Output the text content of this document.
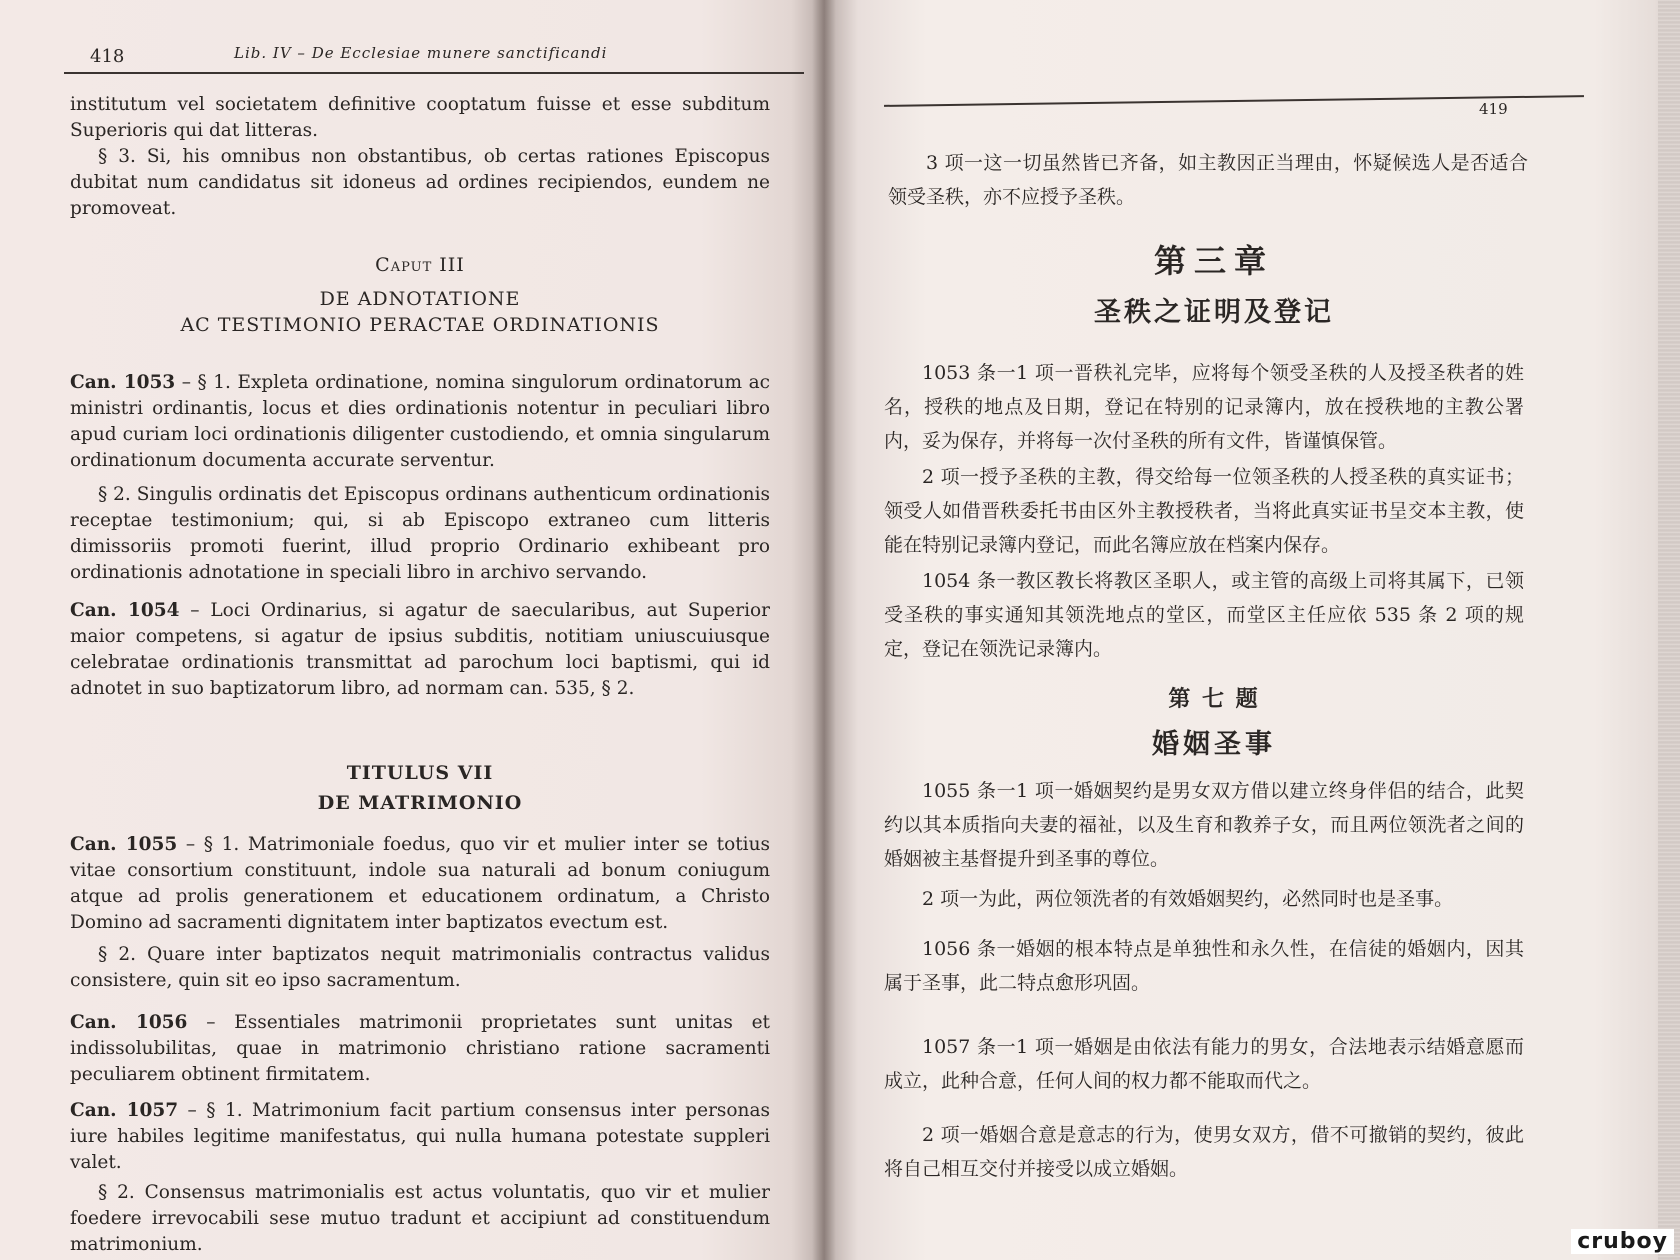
418	Lib. IV – De Ecclesiae munere sanctificandi

institutum vel societatem definitive cooptatum fuisse et esse subditum Superioris qui dat litteras.

§ 3. Si, his omnibus non obstantibus, ob certas rationes Episcopus dubitat num candidatus sit idoneus ad ordines recipiendos, eundem ne promoveat.

Caput III
DE ADNOTATIONE
AC TESTIMONIO PERACTAE ORDINATIONIS

Can. 1053 – § 1. Expleta ordinatione, nomina singulorum ordinatorum ac ministri ordinantis, locus et dies ordinationis notentur in peculiari libro apud curiam loci ordinationis diligenter custodiendo, et omnia singularum ordinationum documenta accurate serventur.

§ 2. Singulis ordinatis det Episcopus ordinans authenticum ordinationis receptae testimonium; qui, si ab Episcopo extraneo cum litteris dimissoriis promoti fuerint, illud proprio Ordinario exhibeant pro ordinationis adnotatione in speciali libro in archivo servando.

Can. 1054 – Loci Ordinarius, si agatur de saecularibus, aut Superior maior competens, si agatur de ipsius subditis, notitiam uniuscuiusque celebratae ordinationis transmittat ad parochum loci baptismi, qui id adnotet in suo baptizatorum libro, ad normam can. 535, § 2.

TITULUS VII
DE MATRIMONIO

Can. 1055 – § 1. Matrimoniale foedus, quo vir et mulier inter se totius vitae consortium constituunt, indole sua naturali ad bonum coniugum atque ad prolis generationem et educationem ordinatum, a Christo Domino ad sacramenti dignitatem inter baptizatos evectum est.

§ 2. Quare inter baptizatos nequit matrimonialis contractus validus consistere, quin sit eo ipso sacramentum.

Can. 1056 – Essentiales matrimonii proprietates sunt unitas et indissolubilitas, quae in matrimonio christiano ratione sacramenti peculiarem obtinent firmitatem.

Can. 1057 – § 1. Matrimonium facit partium consensus inter personas iure habiles legitime manifestatus, qui nulla humana potestate suppleri valet.

§ 2. Consensus matrimonialis est actus voluntatis, quo vir et mulier foedere irrevocabili sese mutuo tradunt et accipiunt ad constituendum matrimonium.

419

3 项一这一切虽然皆已齐备，如主教因正当理由，怀疑候选人是否适合领受圣秩，亦不应授予圣秩。

第三章
圣秩之证明及登记

1053 条一1 项一晋秩礼完毕，应将每个领受圣秩的人及授圣秩者的姓名，授秩的地点及日期，登记在特别的记录簿内，放在授秩地的主教公署内，妥为保存，并将每一次付圣秩的所有文件，皆谨慎保管。

2 项一授予圣秩的主教，得交给每一位领圣秩的人授圣秩的真实证书；领受人如借晋秩委托书由区外主教授秩者，当将此真实证书呈交本主教，使能在特别记录簿内登记，而此名簿应放在档案内保存。

1054 条一教区教长将教区圣职人，或主管的高级上司将其属下，已领受圣秩的事实通知其领洗地点的堂区，而堂区主任应依 535 条 2 项的规定，登记在领洗记录簿内。

第 七 题
婚姻圣事

1055 条一1 项一婚姻契约是男女双方借以建立终身伴侣的结合，此契约以其本质指向夫妻的福祉，以及生育和教养子女，而且两位领洗者之间的婚姻被主基督提升到圣事的尊位。

2 项一为此，两位领洗者的有效婚姻契约，必然同时也是圣事。

1056 条一婚姻的根本特点是单独性和永久性，在信徒的婚姻内，因其属于圣事，此二特点愈形巩固。

1057 条一1 项一婚姻是由依法有能力的男女，合法地表示结婚意愿而成立，此种合意，任何人间的权力都不能取而代之。

2 项一婚姻合意是意志的行为，使男女双方，借不可撤销的契约，彼此将自己相互交付并接受以成立婚姻。

cruboy
